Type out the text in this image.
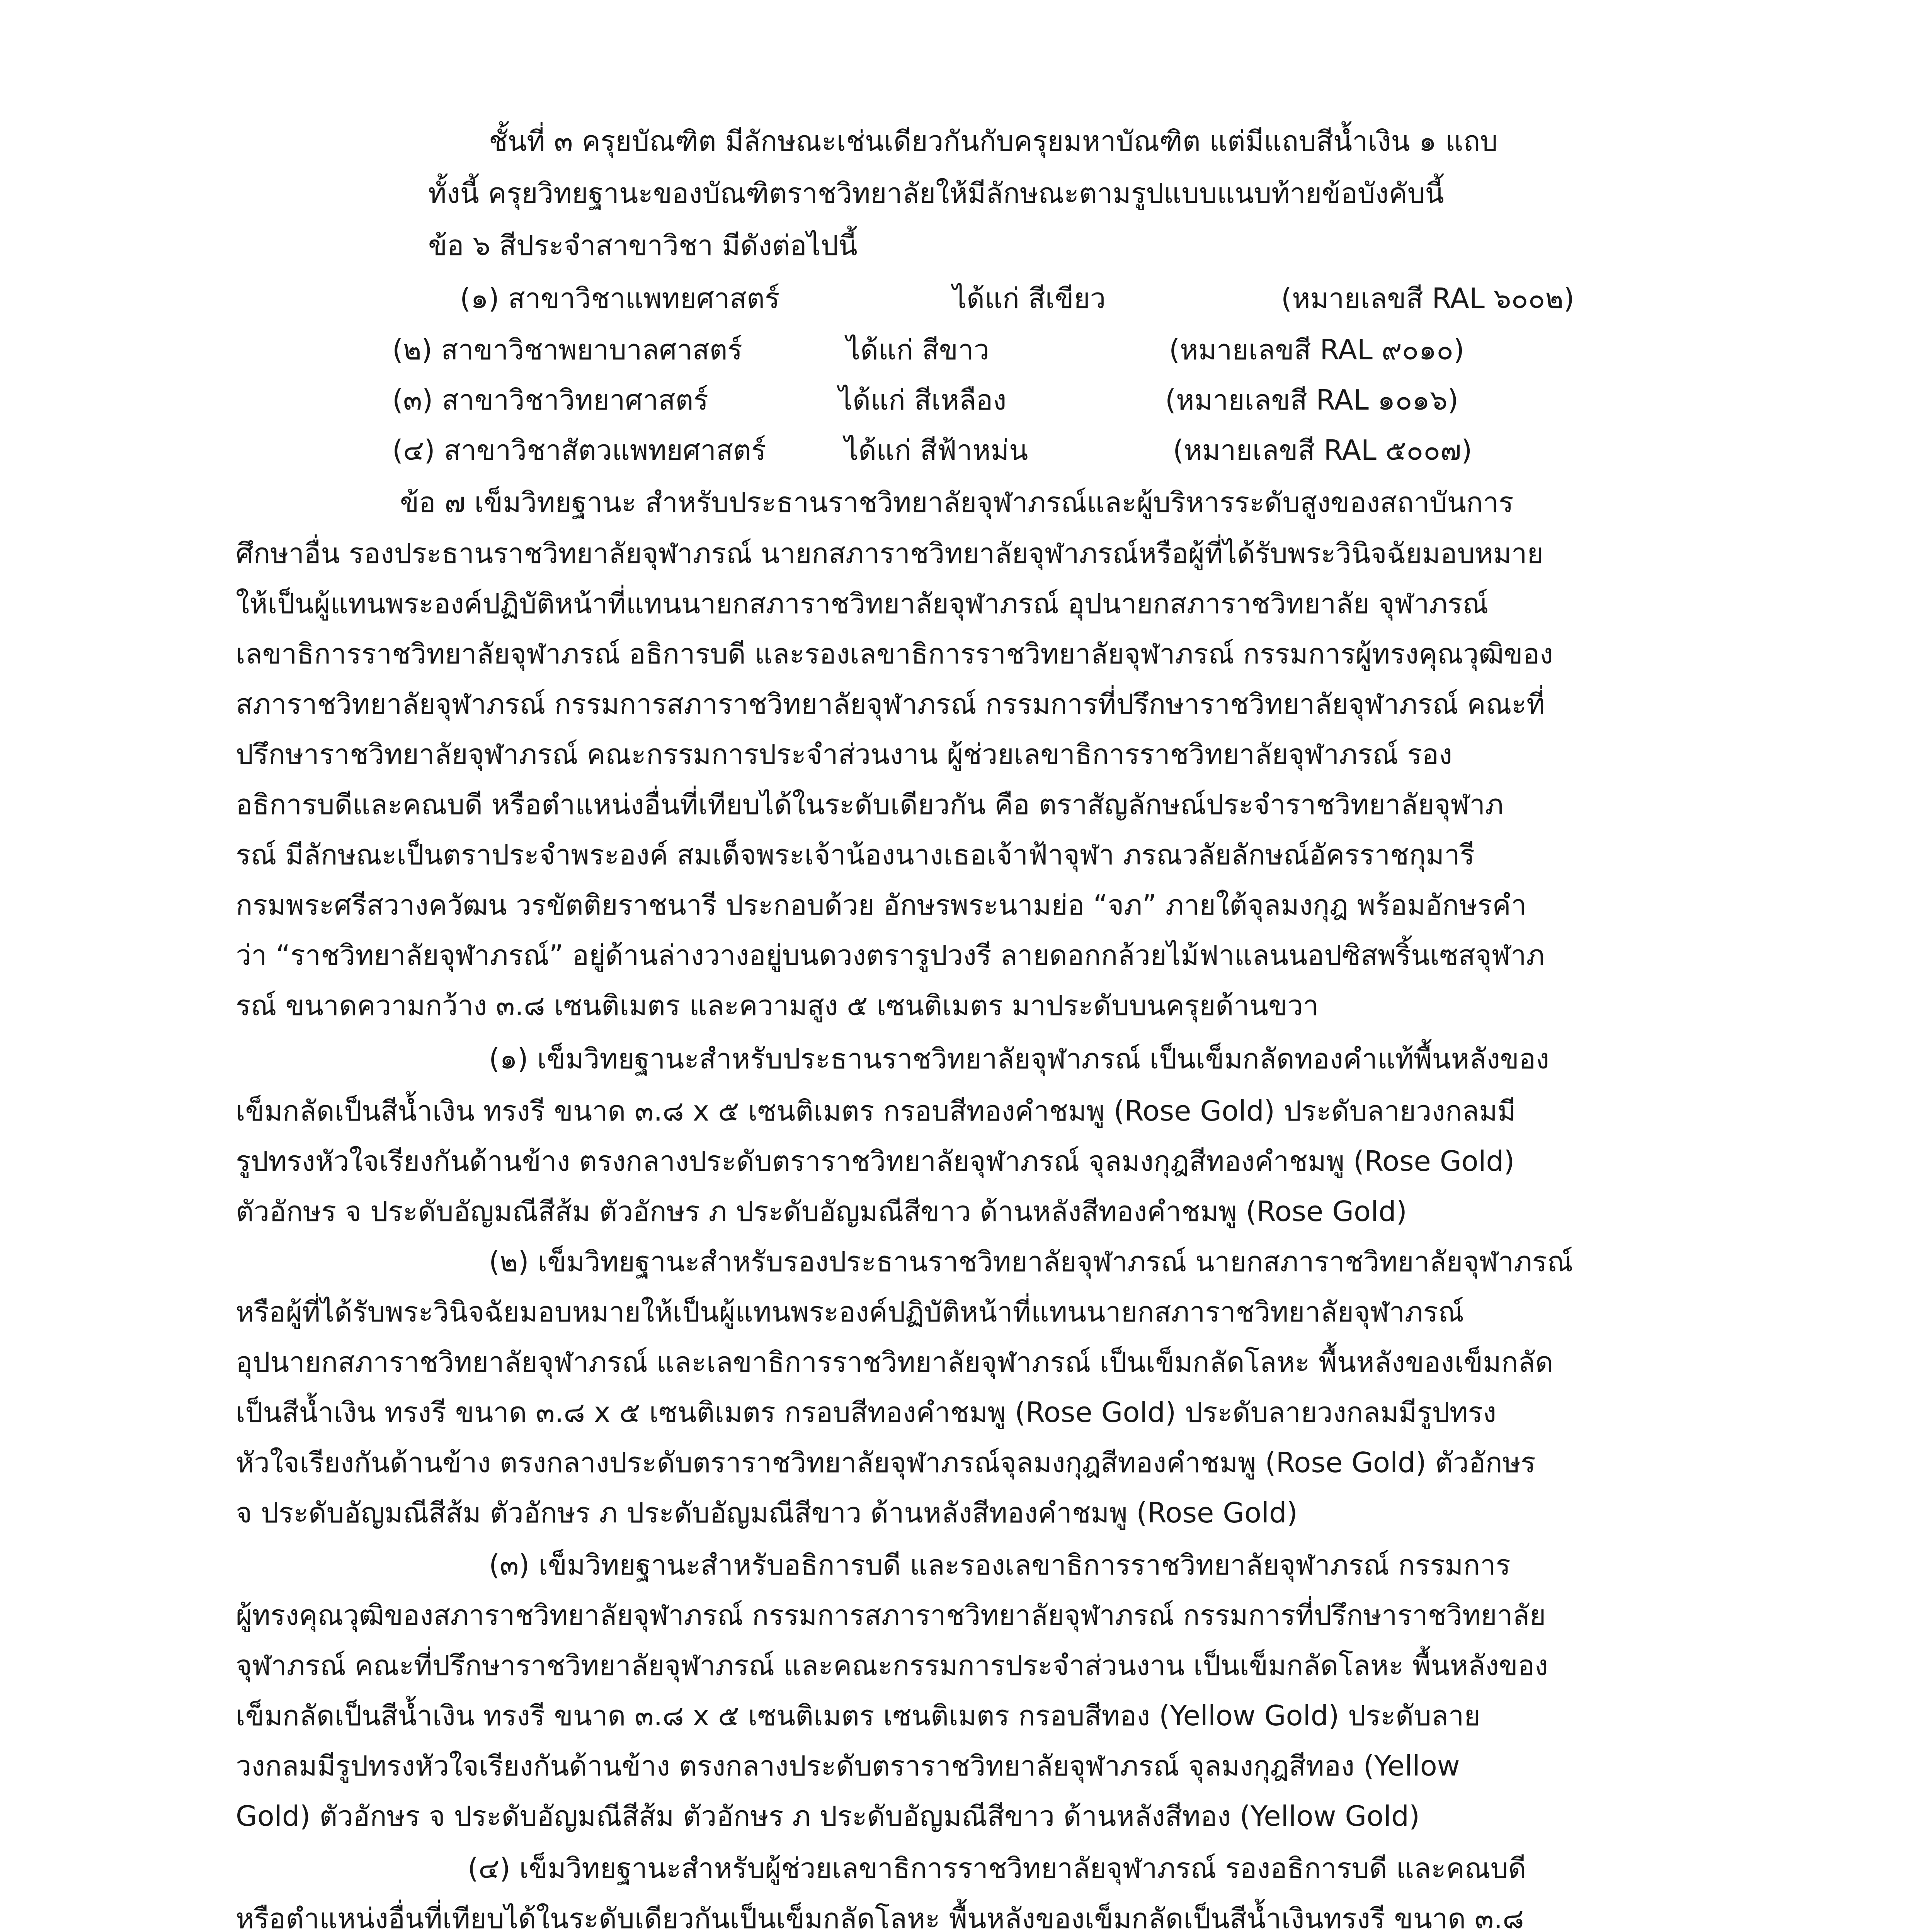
ชั้นที่ ๓ ครุยบัณฑิต มีลักษณะเช่นเดียวกันกับครุยมหาบัณฑิต แต่มีแถบสีน้ำเงิน ๑ แถบ
ทั้งนี้ ครุยวิทยฐานะของบัณฑิตราชวิทยาลัยให้มีลักษณะตามรูปแบบแนบท้ายข้อบังคับนี้
ข้อ ๖ สีประจำสาขาวิชา มีดังต่อไปนี้
(๑) สาขาวิชาแพทยศาสตร์	ได้แก่ สีเขียว	(หมายเลขสี RAL ๖๐๐๒)
(๒) สาขาวิชาพยาบาลศาสตร์	ได้แก่ สีขาว	(หมายเลขสี RAL ๙๐๑๐)
(๓) สาขาวิชาวิทยาศาสตร์	ได้แก่ สีเหลือง	(หมายเลขสี RAL ๑๐๑๖)
(๔) สาขาวิชาสัตวแพทยศาสตร์	ได้แก่ สีฟ้าหม่น	(หมายเลขสี RAL ๕๐๐๗)
ข้อ ๗ เข็มวิทยฐานะ สำหรับประธานราชวิทยาลัยจุฬาภรณ์และผู้บริหารระดับสูงของสถาบันการ
ศึกษาอื่น รองประธานราชวิทยาลัยจุฬาภรณ์ นายกสภาราชวิทยาลัยจุฬาภรณ์หรือผู้ที่ได้รับพระวินิจฉัยมอบหมาย
ให้เป็นผู้แทนพระองค์ปฏิบัติหน้าที่แทนนายกสภาราชวิทยาลัยจุฬาภรณ์ อุปนายกสภาราชวิทยาลัย จุฬาภรณ์
เลขาธิการราชวิทยาลัยจุฬาภรณ์ อธิการบดี และรองเลขาธิการราชวิทยาลัยจุฬาภรณ์ กรรมการผู้ทรงคุณวุฒิของ
สภาราชวิทยาลัยจุฬาภรณ์ กรรมการสภาราชวิทยาลัยจุฬาภรณ์ กรรมการที่ปรึกษาราชวิทยาลัยจุฬาภรณ์ คณะที่
ปรึกษาราชวิทยาลัยจุฬาภรณ์ คณะกรรมการประจำส่วนงาน ผู้ช่วยเลขาธิการราชวิทยาลัยจุฬาภรณ์ รอง
อธิการบดีและคณบดี หรือตำแหน่งอื่นที่เทียบได้ในระดับเดียวกัน คือ ตราสัญลักษณ์ประจำราชวิทยาลัยจุฬาภ
รณ์ มีลักษณะเป็นตราประจำพระองค์ สมเด็จพระเจ้าน้องนางเธอเจ้าฟ้าจุฬา ภรณวลัยลักษณ์อัครราชกุมารี
กรมพระศรีสวางควัฒน วรขัตติยราชนารี ประกอบด้วย อักษรพระนามย่อ “จภ” ภายใต้จุลมงกุฎ พร้อมอักษรคำ
ว่า “ราชวิทยาลัยจุฬาภรณ์” อยู่ด้านล่างวางอยู่บนดวงตรารูปวงรี ลายดอกกล้วยไม้ฟาแลนนอปซิสพริ้นเซสจุฬาภ
รณ์ ขนาดความกว้าง ๓.๘ เซนติเมตร และความสูง ๕ เซนติเมตร มาประดับบนครุยด้านขวา
(๑) เข็มวิทยฐานะสำหรับประธานราชวิทยาลัยจุฬาภรณ์ เป็นเข็มกลัดทองคำแท้พื้นหลังของ
เข็มกลัดเป็นสีน้ำเงิน ทรงรี ขนาด ๓.๘ x ๕ เซนติเมตร กรอบสีทองคำชมพู (Rose Gold) ประดับลายวงกลมมี
รูปทรงหัวใจเรียงกันด้านข้าง ตรงกลางประดับตราราชวิทยาลัยจุฬาภรณ์ จุลมงกุฎสีทองคำชมพู (Rose Gold)
ตัวอักษร จ ประดับอัญมณีสีส้ม ตัวอักษร ภ ประดับอัญมณีสีขาว ด้านหลังสีทองคำชมพู (Rose Gold)
(๒) เข็มวิทยฐานะสำหรับรองประธานราชวิทยาลัยจุฬาภรณ์ นายกสภาราชวิทยาลัยจุฬาภรณ์
หรือผู้ที่ได้รับพระวินิจฉัยมอบหมายให้เป็นผู้แทนพระองค์ปฏิบัติหน้าที่แทนนายกสภาราชวิทยาลัยจุฬาภรณ์
อุปนายกสภาราชวิทยาลัยจุฬาภรณ์ และเลขาธิการราชวิทยาลัยจุฬาภรณ์ เป็นเข็มกลัดโลหะ พื้นหลังของเข็มกลัด
เป็นสีน้ำเงิน ทรงรี ขนาด ๓.๘ x ๕ เซนติเมตร กรอบสีทองคำชมพู (Rose Gold) ประดับลายวงกลมมีรูปทรง
หัวใจเรียงกันด้านข้าง ตรงกลางประดับตราราชวิทยาลัยจุฬาภรณ์จุลมงกุฎสีทองคำชมพู (Rose Gold) ตัวอักษร
จ ประดับอัญมณีสีส้ม ตัวอักษร ภ ประดับอัญมณีสีขาว ด้านหลังสีทองคำชมพู (Rose Gold)
(๓) เข็มวิทยฐานะสำหรับอธิการบดี และรองเลขาธิการราชวิทยาลัยจุฬาภรณ์ กรรมการ
ผู้ทรงคุณวุฒิของสภาราชวิทยาลัยจุฬาภรณ์ กรรมการสภาราชวิทยาลัยจุฬาภรณ์ กรรมการที่ปรึกษาราชวิทยาลัย
จุฬาภรณ์ คณะที่ปรึกษาราชวิทยาลัยจุฬาภรณ์ และคณะกรรมการประจำส่วนงาน เป็นเข็มกลัดโลหะ พื้นหลังของ
เข็มกลัดเป็นสีน้ำเงิน ทรงรี ขนาด ๓.๘ x ๕ เซนติเมตร เซนติเมตร กรอบสีทอง (Yellow Gold) ประดับลาย
วงกลมมีรูปทรงหัวใจเรียงกันด้านข้าง ตรงกลางประดับตราราชวิทยาลัยจุฬาภรณ์ จุลมงกุฎสีทอง (Yellow
Gold) ตัวอักษร จ ประดับอัญมณีสีส้ม ตัวอักษร ภ ประดับอัญมณีสีขาว ด้านหลังสีทอง (Yellow Gold)
(๔) เข็มวิทยฐานะสำหรับผู้ช่วยเลขาธิการราชวิทยาลัยจุฬาภรณ์ รองอธิการบดี และคณบดี
หรือตำแหน่งอื่นที่เทียบได้ในระดับเดียวกันเป็นเข็มกลัดโลหะ พื้นหลังของเข็มกลัดเป็นสีน้ำเงินทรงรี ขนาด ๓.๘
